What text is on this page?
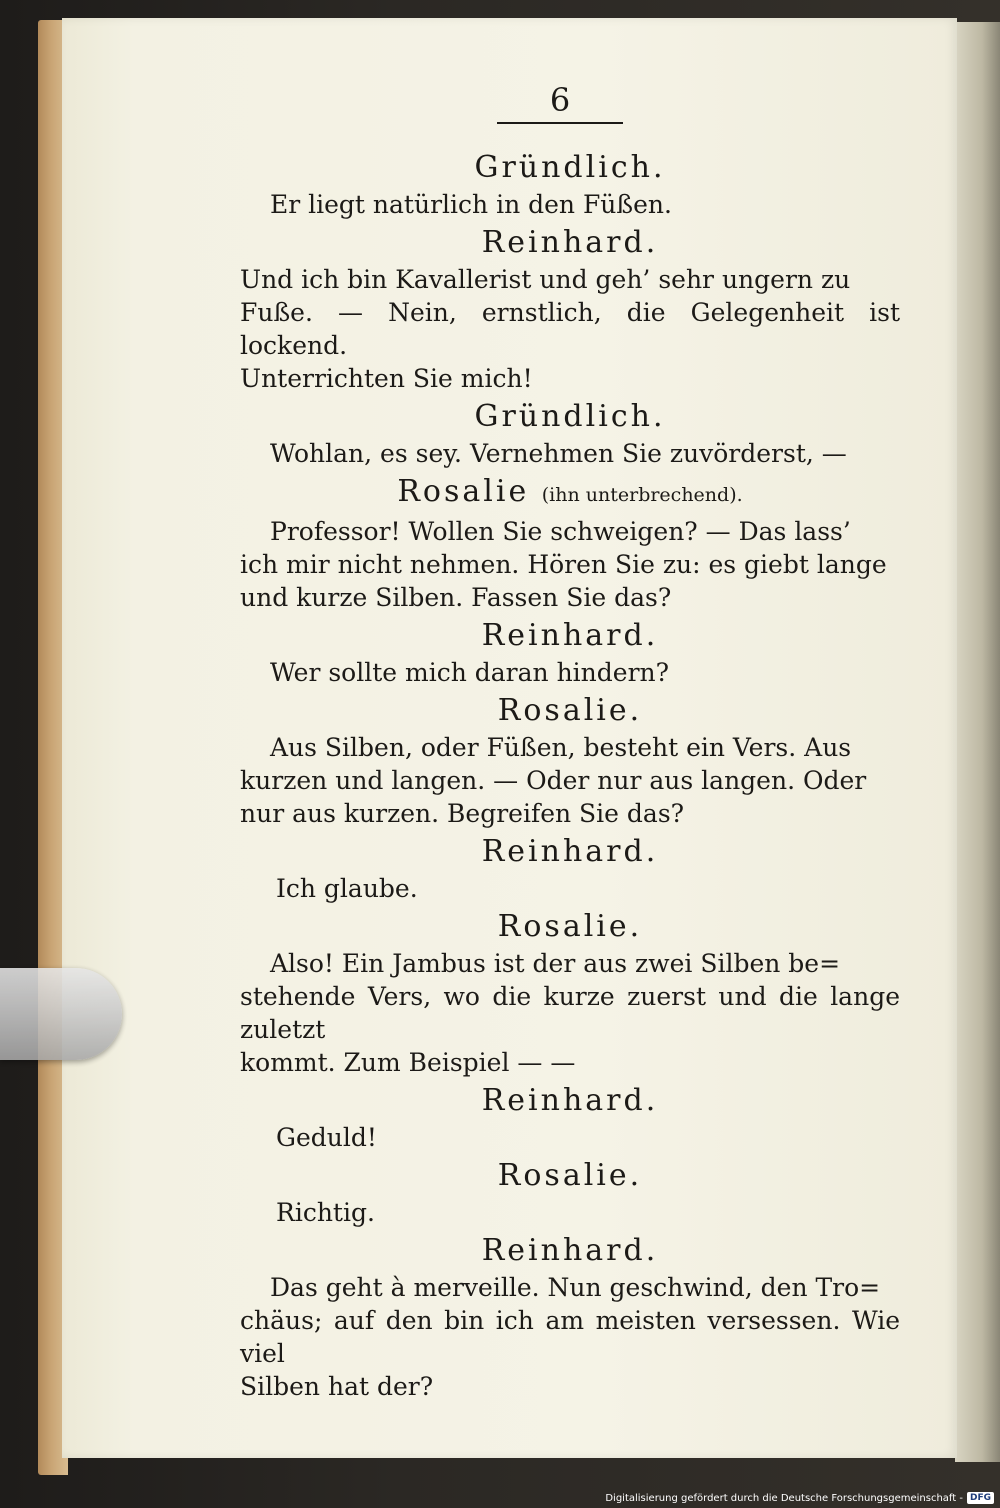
6
Gründlich.

Er liegt natürlich in den Füßen.

Reinhard.

Und ich bin Kavallerist und geh’ sehr ungern zu

Fuße. — Nein, ernstlich, die Gelegenheit ist lockend.

Unterrichten Sie mich!

Gründlich.

Wohlan, es sey. Vernehmen Sie zuvörderst, —

Rosalie (ihn unterbrechend).

Professor! Wollen Sie schweigen? — Das lass’

ich mir nicht nehmen. Hören Sie zu: es giebt lange

und kurze Silben. Fassen Sie das?

Reinhard.

Wer sollte mich daran hindern?

Rosalie.

Aus Silben, oder Füßen, besteht ein Vers. Aus

kurzen und langen. — Oder nur aus langen. Oder

nur aus kurzen. Begreifen Sie das?

Reinhard.

Ich glaube.

Rosalie.

Also! Ein Jambus ist der aus zwei Silben be=

stehende Vers, wo die kurze zuerst und die lange zuletzt

kommt. Zum Beispiel — —

Reinhard.

Geduld!

Rosalie.

Richtig.

Reinhard.

Das geht à merveille. Nun geschwind, den Tro=

chäus; auf den bin ich am meisten versessen. Wie viel

Silben hat der?

Digitalisierung gefördert durch die Deutsche Forschungsgemeinschaft - DFG
